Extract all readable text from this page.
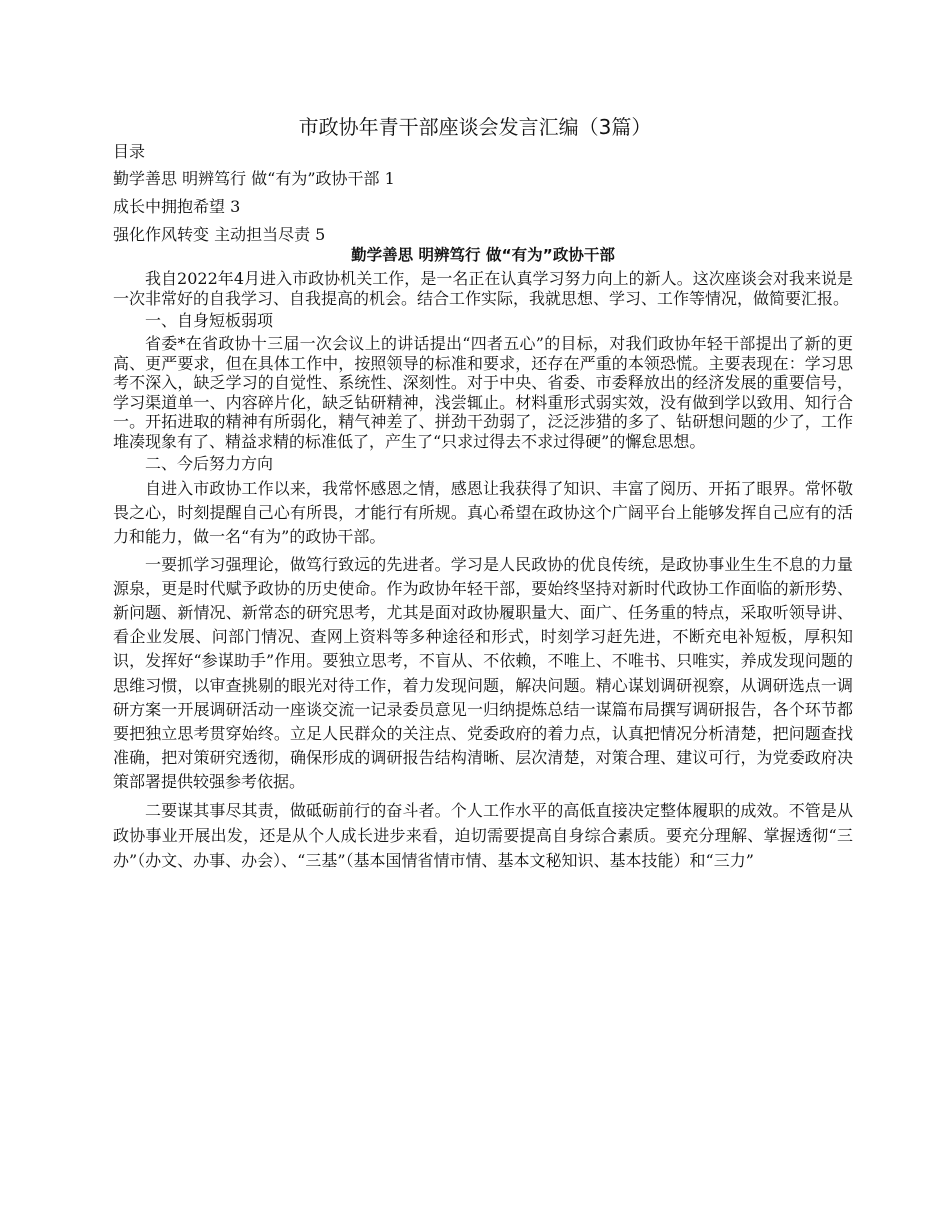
市政协年青干部座谈会发言汇编（3篇）
目录
勤学善思 明辨笃行 做“有为”政协干部 1
成长中拥抱希望 3
强化作风转变 主动担当尽责 5
勤学善思 明辨笃行 做“有为”政协干部

我自2022年4月进入市政协机关工作，是一名正在认真学习努力向上的新人。这次座谈会对我来说是一次非常好的自我学习、自我提高的机会。结合工作实际，我就思想、学习、工作等情况，做简要汇报。

一、自身短板弱项

省委*在省政协十三届一次会议上的讲话提出“四者五心”的目标，对我们政协年轻干部提出了新的更高、更严要求，但在具体工作中，按照领导的标准和要求，还存在严重的本领恐慌。主要表现在：学习思考不深入，缺乏学习的自觉性、系统性、深刻性。对于中央、省委、市委释放出的经济发展的重要信号，学习渠道单一、内容碎片化，缺乏钻研精神，浅尝辄止。材料重形式弱实效，没有做到学以致用、知行合一。开拓进取的精神有所弱化，精气神差了、拼劲干劲弱了，泛泛涉猎的多了、钻研想问题的少了，工作堆凑现象有了、精益求精的标准低了，产生了“只求过得去不求过得硬”的懈怠思想。

二、今后努力方向

自进入市政协工作以来，我常怀感恩之情，感恩让我获得了知识、丰富了阅历、开拓了眼界。常怀敬畏之心，时刻提醒自己心有所畏，才能行有所规。真心希望在政协这个广阔平台上能够发挥自己应有的活力和能力，做一名“有为”的政协干部。

一要抓学习强理论，做笃行致远的先进者。学习是人民政协的优良传统，是政协事业生生不息的力量源泉，更是时代赋予政协的历史使命。作为政协年轻干部，要始终坚持对新时代政协工作面临的新形势、新问题、新情况、新常态的研究思考，尤其是面对政协履职量大、面广、任务重的特点，采取听领导讲、看企业发展、问部门情况、查网上资料等多种途径和形式，时刻学习赶先进，不断充电补短板，厚积知识，发挥好“参谋助手”作用。要独立思考，不盲从、不依赖，不唯上、不唯书、只唯实，养成发现问题的思维习惯，以审查挑剔的眼光对待工作，着力发现问题，解决问题。精心谋划调研视察，从调研选点一调研方案一开展调研活动一座谈交流一记录委员意见一归纳提炼总结一谋篇布局撰写调研报告，各个环节都要把独立思考贯穿始终。立足人民群众的关注点、党委政府的着力点，认真把情况分析清楚，把问题查找准确，把对策研究透彻，确保形成的调研报告结构清晰、层次清楚，对策合理、建议可行，为党委政府决策部署提供较强参考依据。

二要谋其事尽其责，做砥砺前行的奋斗者。个人工作水平的高低直接决定整体履职的成效。不管是从政协事业开展出发，还是从个人成长进步来看，迫切需要提高自身综合素质。要充分理解、掌握透彻“三办”（办文、办事、办会）、“三基”（基本国情省情市情、基本文秘知识、基本技能）和“三力”
